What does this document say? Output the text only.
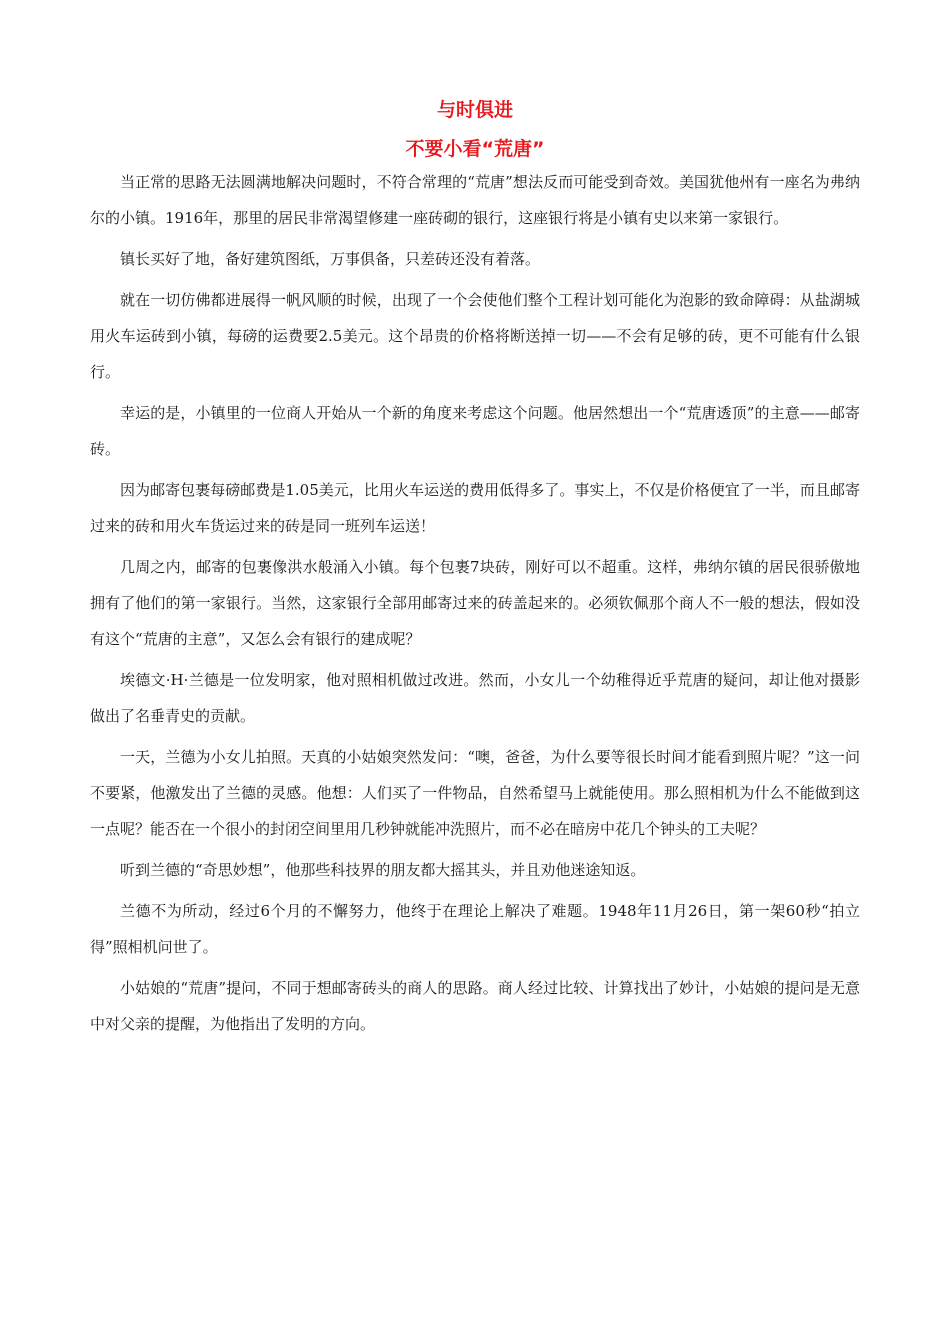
与时俱进
不要小看“荒唐”

当正常的思路无法圆满地解决问题时，不符合常理的“荒唐”想法反而可能受到奇效。美国犹他州有一座名为弗纳尔的小镇。1916年，那里的居民非常渴望修建一座砖砌的银行，这座银行将是小镇有史以来第一家银行。

镇长买好了地，备好建筑图纸，万事俱备，只差砖还没有着落。

就在一切仿佛都进展得一帆风顺的时候，出现了一个会使他们整个工程计划可能化为泡影的致命障碍：从盐湖城用火车运砖到小镇，每磅的运费要2.5美元。这个昂贵的价格将断送掉一切——不会有足够的砖，更不可能有什么银行。

幸运的是，小镇里的一位商人开始从一个新的角度来考虑这个问题。他居然想出一个“荒唐透顶”的主意——邮寄砖。

因为邮寄包裹每磅邮费是1.05美元，比用火车运送的费用低得多了。事实上，不仅是价格便宜了一半，而且邮寄过来的砖和用火车货运过来的砖是同一班列车运送！

几周之内，邮寄的包裹像洪水般涌入小镇。每个包裹7块砖，刚好可以不超重。这样，弗纳尔镇的居民很骄傲地拥有了他们的第一家银行。当然，这家银行全部用邮寄过来的砖盖起来的。必须钦佩那个商人不一般的想法，假如没有这个“荒唐的主意”，又怎么会有银行的建成呢？

埃德文·H·兰德是一位发明家，他对照相机做过改进。然而，小女儿一个幼稚得近乎荒唐的疑问，却让他对摄影做出了名垂青史的贡献。

一天，兰德为小女儿拍照。天真的小姑娘突然发问：“噢，爸爸，为什么要等很长时间才能看到照片呢？”这一问不要紧，他激发出了兰德的灵感。他想：人们买了一件物品，自然希望马上就能使用。那么照相机为什么不能做到这一点呢？能否在一个很小的封闭空间里用几秒钟就能冲洗照片，而不必在暗房中花几个钟头的工夫呢？

听到兰德的“奇思妙想”，他那些科技界的朋友都大摇其头，并且劝他迷途知返。

兰德不为所动，经过6个月的不懈努力，他终于在理论上解决了难题。1948年11月26日，第一架60秒“拍立得”照相机问世了。

小姑娘的“荒唐”提问，不同于想邮寄砖头的商人的思路。商人经过比较、计算找出了妙计，小姑娘的提问是无意中对父亲的提醒，为他指出了发明的方向。
